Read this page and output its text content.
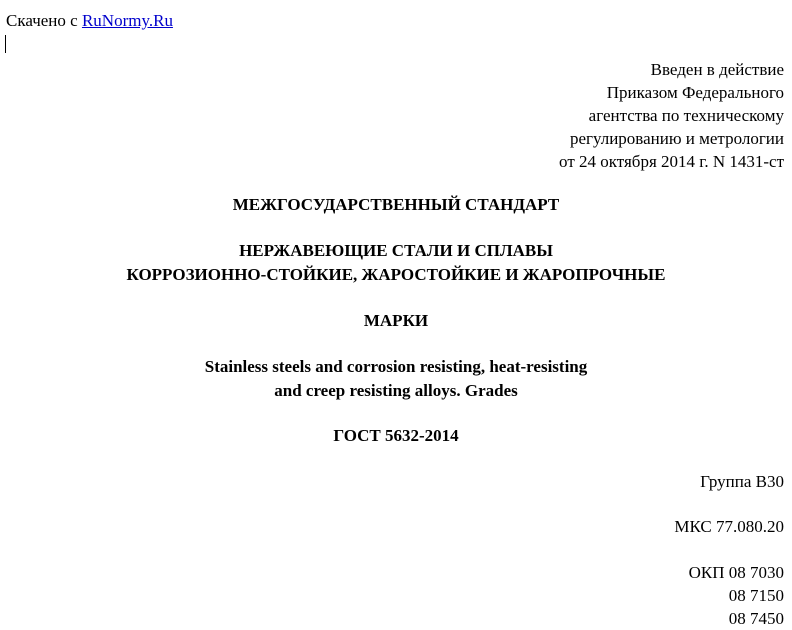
Скачено с RuNormy.Ru
Введен в действие
Приказом Федерального
агентства по техническому
регулированию и метрологии
от 24 октября 2014 г. N 1431-ст
МЕЖГОСУДАРСТВЕННЫЙ СТАНДАРТ
НЕРЖАВЕЮЩИЕ СТАЛИ И СПЛАВЫ
КОРРОЗИОННО-СТОЙКИЕ, ЖАРОСТОЙКИЕ И ЖАРОПРОЧНЫЕ
МАРКИ
Stainless steels and corrosion resisting, heat-resisting
and creep resisting alloys. Grades
ГОСТ 5632-2014
Группа В30
МКС 77.080.20
ОКП 08 7030
08 7150
08 7450
